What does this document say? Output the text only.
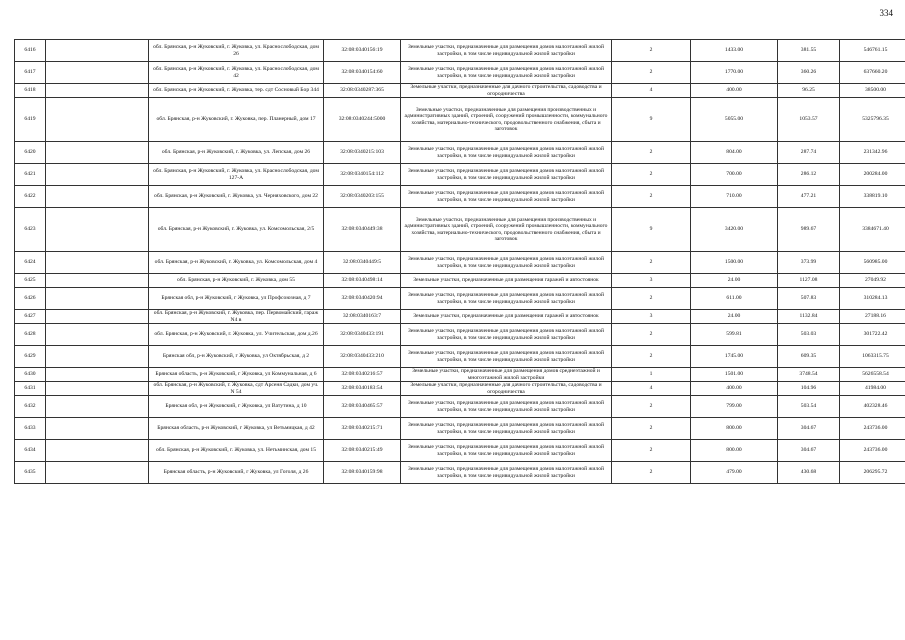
334
6416		обл. Брянская, р-н Жуковский, г. Жуковка, ул. Краснослободская, дом 26	32:08:0340156:19	Земельные участки, предназначенные для размещения домов малоэтажной жилой застройки, в том числе индивидуальной жилой застройки	2	1433.00	381.55	546761.15
6417		обл. Брянская, р-н Жуковский, г. Жуковка, ул. Краснослободская, дом 42	32:08:0340154:60	Земельные участки, предназначенные для размещения домов малоэтажной жилой застройки, в том числе индивидуальной жилой застройки	2	1770.00	360.26	637660.20
6418		обл. Брянская, р-н Жуковский, г. Жуковка, тер. сдт Сосновый Бор 344	32:08:0340287:365	Земельные участки, предназначенные для дачного строительства, садоводства и огородничества	4	400.00	96.25	38500.00
6419		обл. Брянская, р-н Жуковский, г. Жуковка, пер. Планерный, дом 17	32:08:0340244:5000	Земельные участки, предназначенные для размещения производственных и административных зданий, строений, сооружений промышленности, коммунального хозяйства, материально-технического, продовольственного снабжения, сбыта и заготовок	9	5055.00	1053.57	5325796.35
6420		обл. Брянская, р-н Жуковский, г. Жуковка, ул. Лепская, дом 26	32:08:0340215:103	Земельные участки, предназначенные для размещения домов малоэтажной жилой застройки, в том числе индивидуальной жилой застройки	2	804.00	287.74	231342.96
6421		обл. Брянская, р-н Жуковский, г. Жуковка, ул. Краснослободская, дом 127-А	32:08:0340154:112	Земельные участки, предназначенные для размещения домов малоэтажной жилой застройки, в том числе индивидуальной жилой застройки	2	700.00	286.12	200284.00
6422		обл. Брянская, р-н Жуковский, г. Жуковка, ул. Черняховского, дом 22	32:08:0340203:155	Земельные участки, предназначенные для размещения домов малоэтажной жилой застройки, в том числе индивидуальной жилой застройки	2	710.00	477.21	338819.10
6423		обл. Брянская, р-н Жуковский, г. Жуковка, ул. Комсомольская, 2/5	32:08:0340449:38	Земельные участки, предназначенные для размещения производственных и административных зданий, строений, сооружений промышленности, коммунального хозяйства, материально-технического, продовольственного снабжения, сбыта и заготовок	9	3420.00	989.67	3384671.40
6424		обл. Брянская, р-н Жуковский, г. Жуковка, ул. Комсомольская, дом 4	32:08:0340449:5	Земельные участки, предназначенные для размещения домов малоэтажной жилой застройки, в том числе индивидуальной жилой застройки	2	1500.00	373.99	560985.00
6425		обл. Брянская, р-н Жуковский, г. Жуковка, дом 55	32:08:0340498:14	Земельные участки, предназначенные для размещения гаражей и автостоянок	3	24.00	1127.08	27049.92
6426		Брянская обл, р-н Жуковский, г Жуковка, ул Профсоюзная, д 7	32:08:0340420:94	Земельные участки, предназначенные для размещения домов малоэтажной жилой застройки, в том числе индивидуальной жилой застройки	2	611.00	507.83	310284.13
6427		обл. Брянская, р-н Жуковский, г. Жуковка, пер. Первомайский, гараж N4 в	32:08:0340163:7	Земельные участки, предназначенные для размещения гаражей и автостоянок	3	24.00	1132.84	27188.16
6428		обл. Брянская, р-н Жуковский, г. Жуковка, ул. Учительская, дом д.26	32:08:0340433:191	Земельные участки, предназначенные для размещения домов малоэтажной жилой застройки, в том числе индивидуальной жилой застройки	2	599.81	503.03	301722.42
6429		Брянская обл, р-н Жуковский, г Жуковка, ул Октябрьская, д 2	32:08:0340433:210	Земельные участки, предназначенные для размещения домов малоэтажной жилой застройки, в том числе индивидуальной жилой застройки	2	1745.00	609.35	1063315.75
6430		Брянская область, р-н Жуковский, г Жуковка, ул Коммунальная, д 6	32:08:0340216:57	Земельные участки, предназначенные для размещения домов среднеэтажной и многоэтажной жилой застройки	1	1501.00	3748.54	5626558.54
6431		обл. Брянская, р-н Жуковский, г. Жуковка, сдт Арсеня Садки, дом уч. N 54	32:08:0340183:54	Земельные участки, предназначенные для дачного строительства, садоводства и огородничества	4	400.00	104.96	41984.00
6432		Брянская обл, р-н Жуковский, г Жуковка, ул Ватутина, д 10	32:08:0340465:57	Земельные участки, предназначенные для размещения домов малоэтажной жилой застройки, в том числе индивидуальной жилой застройки	2	799.00	503.54	402328.46
6433		Брянская область, р-н Жуковский, г Жуковка, ул Ветьмицкая, д 42	32:08:0340215:71	Земельные участки, предназначенные для размещения домов малоэтажной жилой застройки, в том числе индивидуальной жилой застройки	2	800.00	304.67	243736.00
6434		обл. Брянская, р-н Жуковский, г. Жуковка, ул. Нетьминская, дом 15	32:08:0340215:49	Земельные участки, предназначенные для размещения домов малоэтажной жилой застройки, в том числе индивидуальной жилой застройки	2	800.00	304.67	243736.00
6435		Брянская область, р-н Жуковский, г Жуковка, ул Гоголя, д 26	32:08:0340159:98	Земельные участки, предназначенные для размещения домов малоэтажной жилой застройки, в том числе индивидуальной жилой застройки	2	479.00	430.68	206295.72
